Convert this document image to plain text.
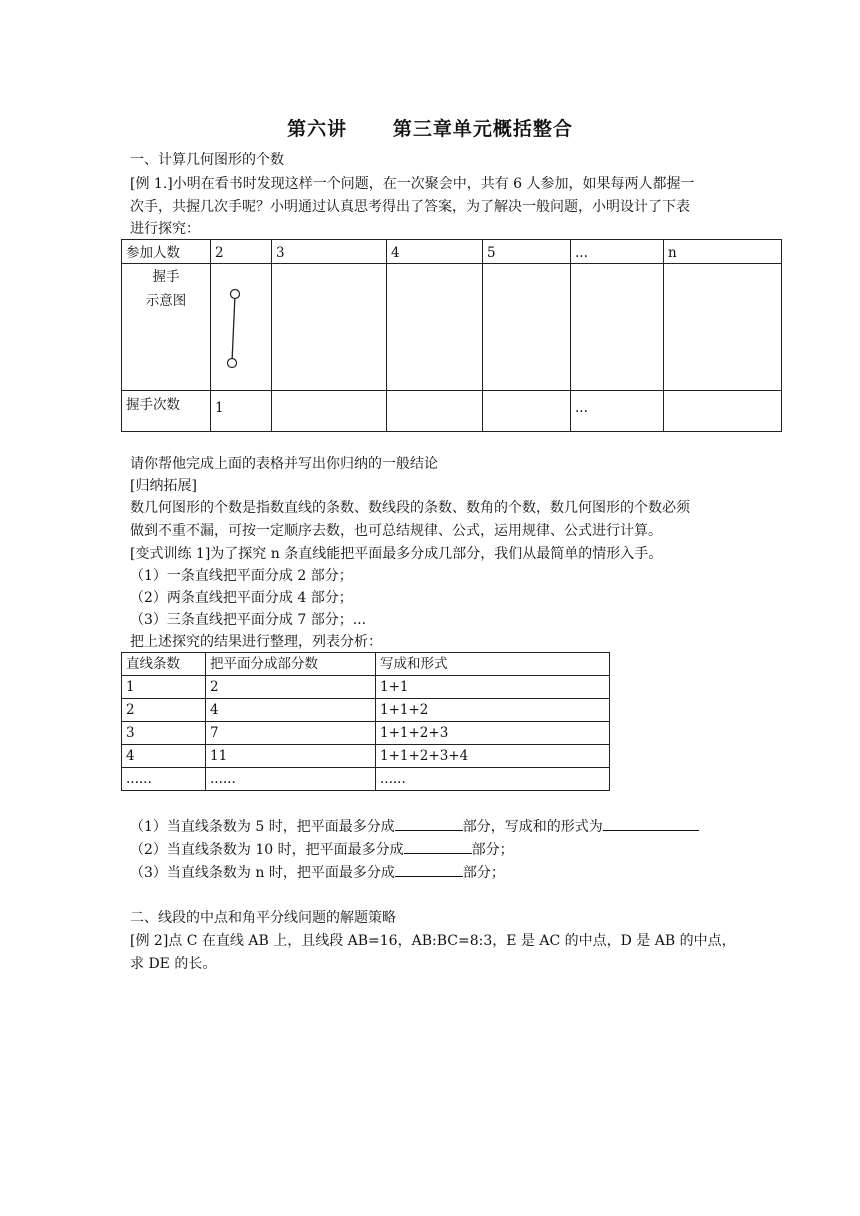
第六讲      第三章单元概括整合
一、计算几何图形的个数
[例 1.]小明在看书时发现这样一个问题，在一次聚会中，共有 6 人参加，如果每两人都握一
次手，共握几次手呢？小明通过认真思考得出了答案，为了解决一般问题，小明设计了下表
进行探究：
参加人数	2	3	4	5	...	n

握手
示意图

握手次数	1				...	
请你帮他完成上面的表格并写出你归纳的一般结论
[归纳拓展]
数几何图形的个数是指数直线的条数、数线段的条数、数角的个数，数几何图形的个数必须
做到不重不漏，可按一定顺序去数，也可总结规律、公式，运用规律、公式进行计算。
[变式训练 1]为了探究 n 条直线能把平面最多分成几部分，我们从最简单的情形入手。
（1）一条直线把平面分成 2 部分；
（2）两条直线把平面分成 4 部分；
（3）三条直线把平面分成 7 部分；...
把上述探究的结果进行整理，列表分析：
直线条数	把平面分成部分数	写成和形式
1	2	1+1
2	4	1+1+2
3	7	1+1+2+3
4	11	1+1+2+3+4
......	......	......
（1）当直线条数为 5 时，把平面最多分成	部分，写成和的形式为
（2）当直线条数为 10 时，把平面最多分成	部分；
（3）当直线条数为 n 时，把平面最多分成	部分；
二、线段的中点和角平分线问题的解题策略
[例 2]点 C 在直线 AB 上，且线段 AB=16，AB:BC=8:3，E 是 AC 的中点，D 是 AB 的中点，
求 DE 的长。
